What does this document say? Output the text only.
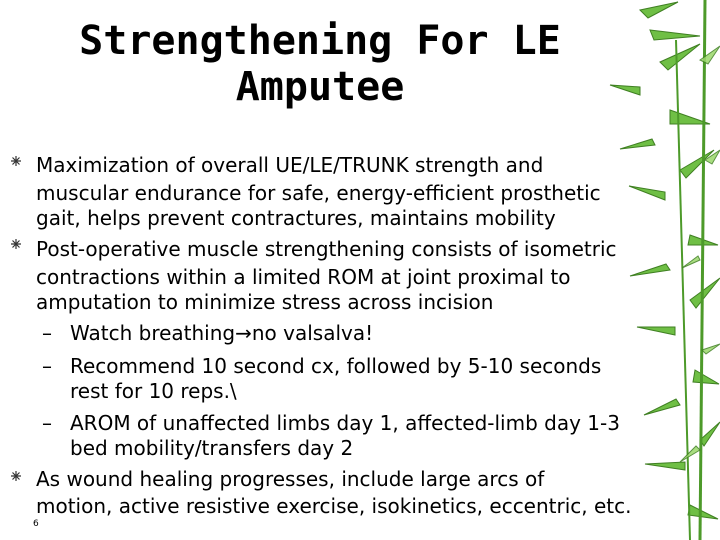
Strengthening For LE
Amputee
Maximization of overall UE/LE/TRUNK strength and
muscular endurance for safe, energy-efficient prosthetic
gait, helps prevent contractures, maintains mobility
Post-operative muscle strengthening consists of isometric
contractions within a limited ROM at joint proximal to
amputation to minimize stress across incision
– Watch breathing→no valsalva!
– Recommend 10 second cx, followed by 5-10 seconds
rest for 10 reps.\
– AROM of unaffected limbs day 1, affected-limb day 1-3
bed mobility/transfers day 2
As wound healing progresses, include large arcs of
motion, active resistive exercise, isokinetics, eccentric, etc.
6
